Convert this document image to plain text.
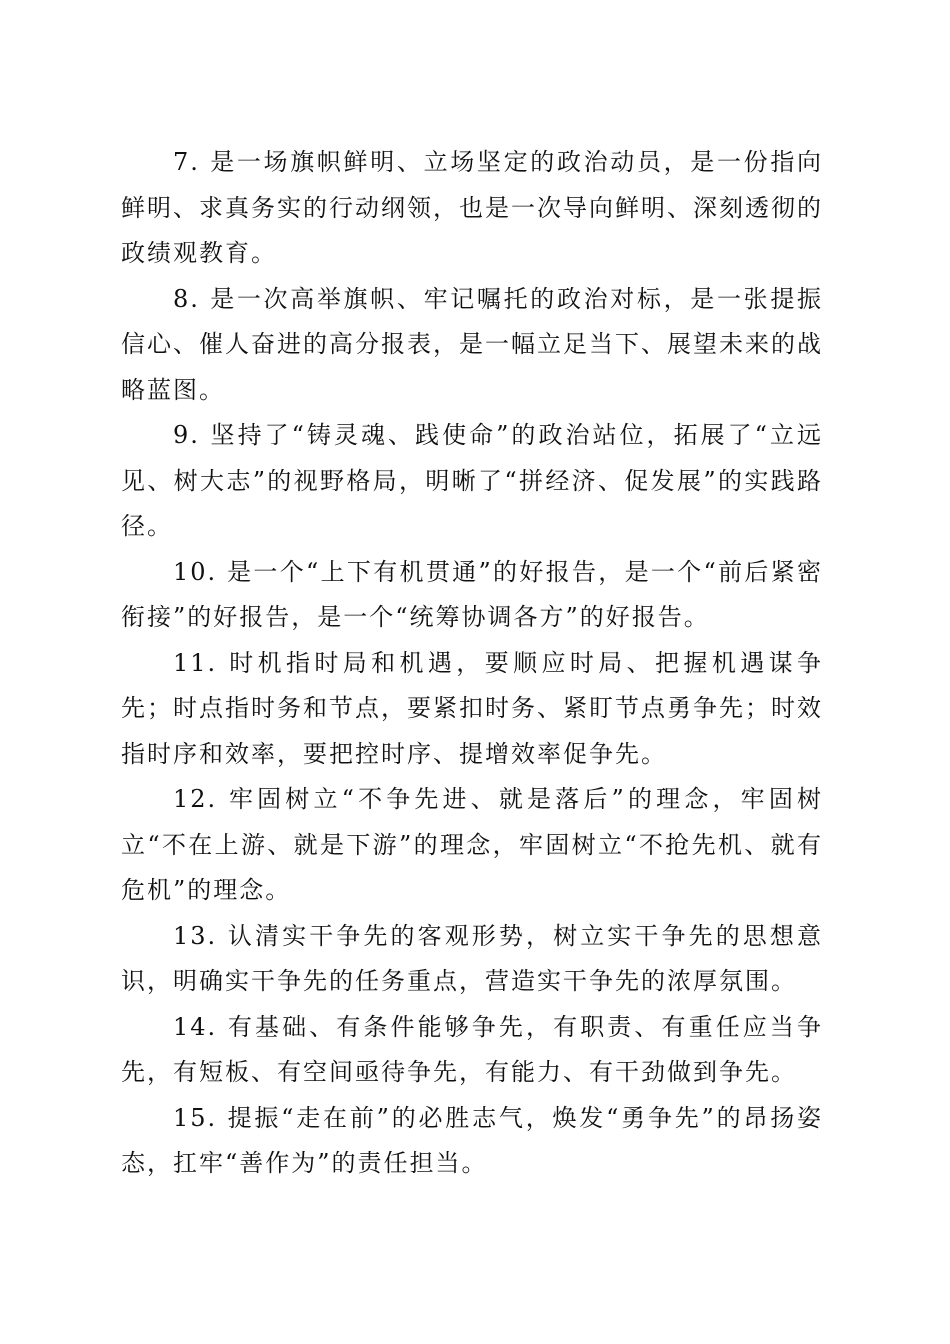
7. 是一场旗帜鲜明、立场坚定的政治动员，是一份指向鲜明、求真务实的行动纲领，也是一次导向鲜明、深刻透彻的政绩观教育。

8. 是一次高举旗帜、牢记嘱托的政治对标，是一张提振信心、催人奋进的高分报表，是一幅立足当下、展望未来的战略蓝图。

9. 坚持了“铸灵魂、践使命”的政治站位，拓展了“立远见、树大志”的视野格局，明晰了“拼经济、促发展”的实践路径。

10. 是一个“上下有机贯通”的好报告，是一个“前后紧密衔接”的好报告，是一个“统筹协调各方”的好报告。

11. 时机指时局和机遇，要顺应时局、把握机遇谋争先；时点指时务和节点，要紧扣时务、紧盯节点勇争先；时效指时序和效率，要把控时序、提增效率促争先。

12. 牢固树立“不争先进、就是落后”的理念，牢固树立“不在上游、就是下游”的理念，牢固树立“不抢先机、就有危机”的理念。

13. 认清实干争先的客观形势，树立实干争先的思想意识，明确实干争先的任务重点，营造实干争先的浓厚氛围。

14. 有基础、有条件能够争先，有职责、有重任应当争先，有短板、有空间亟待争先，有能力、有干劲做到争先。

15. 提振“走在前”的必胜志气，焕发“勇争先”的昂扬姿态，扛牢“善作为”的责任担当。
